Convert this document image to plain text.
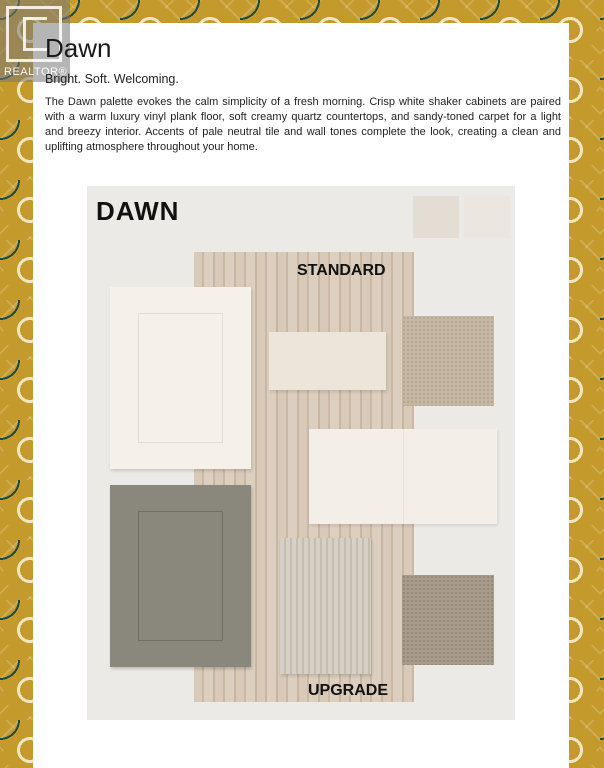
REALTOR®
Dawn
Bright. Soft. Welcoming.
The Dawn palette evokes the calm simplicity of a fresh morning. Crisp white shaker cabinets are paired with a warm luxury vinyl plank floor, soft creamy quartz countertops, and sandy-toned carpet for a light and breezy interior. Accents of pale neutral tile and wall tones complete the look, creating a clean and uplifting atmosphere throughout your home.
DAWN
STANDARD
UPGRADE
